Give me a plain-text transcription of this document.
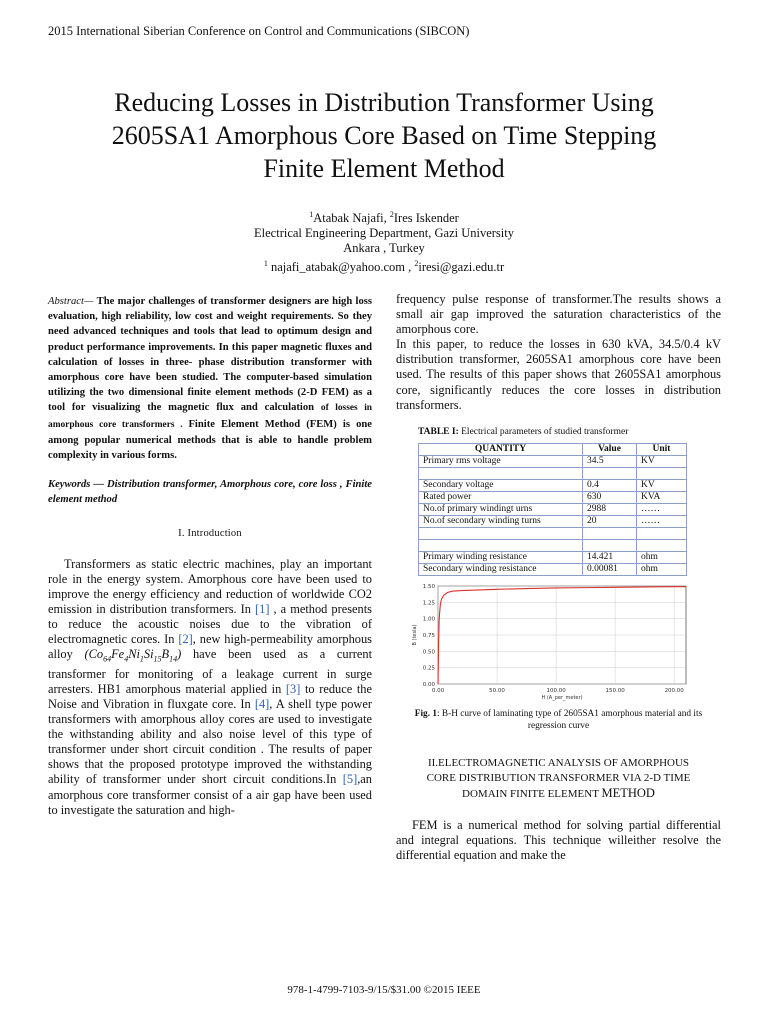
2015 International Siberian Conference on Control and Communications (SIBCON)
Reducing Losses in Distribution Transformer Using
2605SA1 Amorphous Core Based on Time Stepping
Finite Element Method
$^1$Atabak Najafi, $^2$Ires Iskender
Electrical Engineering Department, Gazi University
Ankara , Turkey
$^1$ najafi_atabak@yahoo.com , $^2$iresi@gazi.edu.tr
Abstract— The major challenges of transformer designers are high loss evaluation, high reliability, low cost and weight requirements. So they need advanced techniques and tools that lead to optimum design and product performance improvements. In this paper magnetic fluxes and calculation of losses in three- phase distribution transformer with amorphous core have been studied. The computer-based simulation utilizing the two dimensional finite element methods (2-D FEM) as a tool for visualizing the magnetic flux and calculation of losses in amorphous core transformers . Finite Element Method (FEM) is one among popular numerical methods that is able to handle problem complexity in various forms.
Keywords — Distribution transformer, Amorphous core, core loss , Finite element method
I. Introduction

Transformers as static electric machines, play an important role in the energy system. Amorphous core have been used to improve the energy efficiency and reduction of worldwide CO2 emission in distribution transformers. In [1] , a method presents to reduce the acoustic noises due to the vibration of electromagnetic cores. In [2], new high-permeability amorphous alloy $(Co_{64}Fe_4Ni_1Si_{15}B_{14})$ have been used as a current transformer for monitoring of a leakage current in surge arresters. HB1 amorphous material applied in [3] to reduce the Noise and Vibration in fluxgate core. In [4], A shell type power transformers with amorphous alloy cores are used to investigate the withstanding ability and also noise level of this type of transformer under short circuit condition . The results of paper shows that the proposed prototype improved the withstanding ability of transformer under short circuit conditions.In [5],an amorphous core transformer consist of a air gap have been used to investigate the saturation and high-

frequency pulse response of transformer.The results shows a small air gap improved the saturation characteristics of the amorphous core.

In this paper, to reduce the losses in 630 kVA, 34.5/0.4 kV distribution transformer, 2605SA1 amorphous core have been used. The results of this paper shows that 2605SA1 amorphous core, significantly reduces the core losses in distribution transformers.

TABLE I: Electrical parameters of studied transformer
QUANTITY	Value	Unit
Primary rms voltage	34.5	KV

Secondary voltage	0.4	KV
Rated power	630	KVA
No.of primary windingt urns	2988	……
No.of secondary winding turns	20	……

Primary winding resistance	14.421	ohm
Secondary winding resistance	0.00081	ohm
0.00	50.00	100.00	150.00	200.00
0.00
0.25
0.50
0.75
1.00
1.25
1.50
H (A_per_meter)
B (tesla)
Fig. 1: B-H curve of laminating type of 2605SA1 amorphous material and its regression curve
II.ELECTROMAGNETIC ANALYSIS OF AMORPHOUS
CORE DISTRIBUTION TRANSFORMER VIA 2-D TIME
DOMAIN FINITE ELEMENT METHOD

FEM is a numerical method for solving partial differential and integral equations. This technique willeither resolve the differential equation and make the

978-1-4799-7103-9/15/$31.00 ©2015 IEEE
